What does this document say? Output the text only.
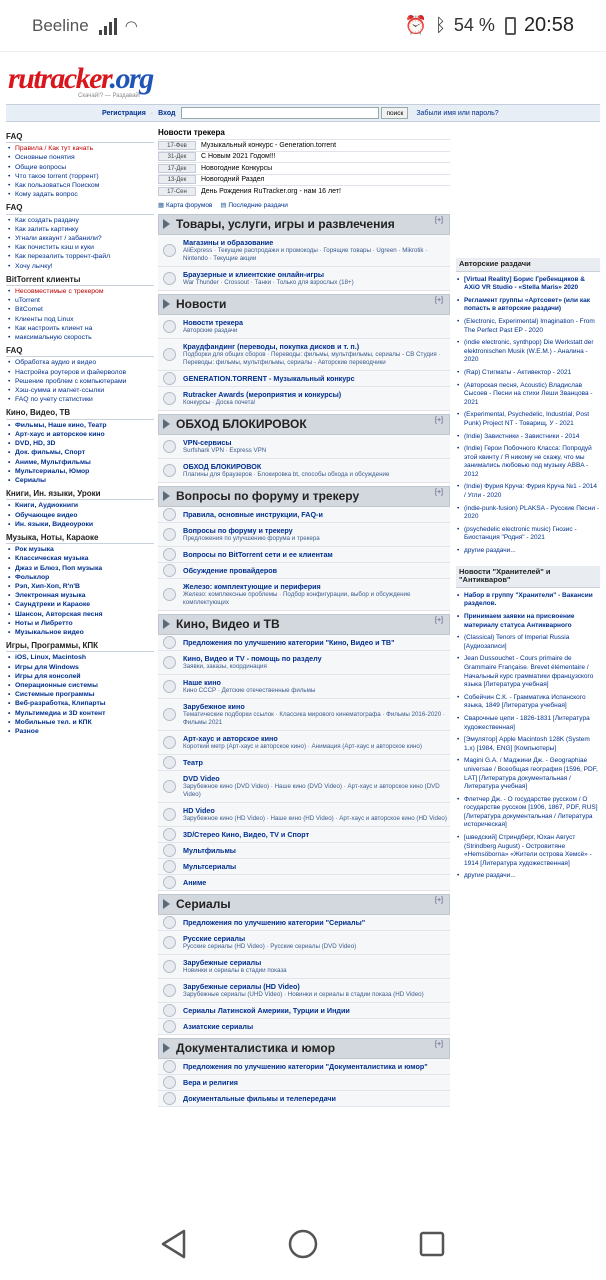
Beeline ◠	⏰ ᛒ 54 % 20:58
rutracker.org
Скачай!? — Раздавай!
Регистрация · Вход	поиск	Забыли имя или пароль?
FAQ
• Правила / Как тут качать
• Основные понятия
• Общие вопросы
• Что такое torrent (торрент)
• Как пользоваться Поиском
• Кому задать вопрос
FAQ
• Как создать раздачу
• Как залить картинку
• Угнали аккаунт / забанили?
• Как почистить кэш и куки
• Как перезалить торрент-файл
• Хочу лычку!
BitTorrent клиенты
• Несовместимые с трекером
• uTorrent
• BitComet
• Клиенты под Linux
• Как настроить клиент на
• максимальную скорость
FAQ
• Обработка аудио и видео
• Настройка роутеров и файерволов
• Решение проблем с компьютерами
• Хэш-сумма и магнет-ссылки
• FAQ по учету статистики
Кино, Видео, ТВ
• Фильмы, Наше кино, Театр
• Арт-хаус и авторское кино
• DVD, HD, 3D
• Док. фильмы, Спорт
• Аниме, Мультфильмы
• Мультсериалы, Юмор
• Сериалы
Книги, Ин. языки, Уроки
• Книги, Аудиокниги
• Обучающее видео
• Ин. языки, Видеоуроки
Музыка, Ноты, Караоке
• Рок музыка
• Классическая музыка
• Джаз и Блюз, Поп музыка
• Фольклор
• Рэп, Хип-Хоп, R'n'B
• Электронная музыка
• Саундтреки и Караоке
• Шансон, Авторская песня
• Ноты и Либретто
• Музыкальное видео
Игры, Программы, КПК
• iOS, Linux, Macintosh
• Игры для Windows
• Игры для консолей
• Операционные системы
• Системные программы
• Веб-разработка, Клипарты
• Мультимедиа и 3D контент
• Мобильные тел. и КПК
• Разное
Новости трекера
17-Фев	Музыкальный конкурс - Generation.torrent
31-Дек	С Новым 2021 Годом!!!
17-Дек	Новогодние Конкурсы
13-Дек	Новогодний Раздел
17-Сен	День Рождения RuTracker.org - нам 16 лет!
▦ Карта форумов ▤ Последние раздачи
Товары, услуги, игры и развлечения	[+]
Магазины и образование
AliExpress · Текущие распродажи и промокоды · Горящие товары · Ugreen · Mikrotik · Nintendo · Текущие акции
Браузерные и клиентские онлайн-игры
War Thunder · Crossout · Танки · Только для взрослых (18+)
Новости	[+]
Новости трекера
Авторские раздачи
Краудфандинг (переводы, покупка дисков и т. п.)
Подборки для общих сборов · Переводы: фильмы, мультфильмы, сериалы - СВ Студия · Переводы: фильмы, мультфильмы, сериалы - Авторские переводчики
GENERATION.TORRENT - Музыкальный конкурс
Rutracker Awards (мероприятия и конкурсы)
Конкурсы · Доска почета!
ОБХОД БЛОКИРОВОК	[+]
VPN-сервисы
Surfshark VPN · Express VPN
ОБХОД БЛОКИРОВОК
Плагины для браузеров · Блокировка bt, способы обхода и обсуждение
Вопросы по форуму и трекеру	[+]
Правила, основные инструкции, FAQ-и
Вопросы по форуму и трекеру
Предложения по улучшению форума и трекера
Вопросы по BitTorrent сети и ее клиентам
Обсуждение провайдеров
Железо: комплектующие и периферия
Железо: комплексные проблемы · Подбор конфигурации, выбор и обсуждение комплектующих
Кино, Видео и ТВ	[+]
Предложения по улучшению категории "Кино, Видео и ТВ"
Кино, Видео и ТV - помощь по разделу
Заявки, заказы, координация
Наше кино
Кино СССР · Детские отечественные фильмы
Зарубежное кино
Тематические подборки ссылок · Классика мирового кинематографа · Фильмы 2016-2020 · Фильмы 2021
Арт-хаус и авторское кино
Короткий метр (Арт-хаус и авторское кино) · Анимация (Арт-хаус и авторское кино)
Театр
DVD Video
Зарубежное кино (DVD Video) · Наше кино (DVD Video) · Арт-хаус и авторское кино (DVD Video)
HD Video
Зарубежное кино (HD Video) · Наше кино (HD Video) · Арт-хаус и авторское кино (HD Video)
3D/Стерео Кино, Видео, TV и Спорт
Мультфильмы
Мультсериалы
Аниме
Сериалы	[+]
Предложения по улучшению категории "Сериалы"
Русские сериалы
Русские сериалы (HD Video) · Русские сериалы (DVD Video)
Зарубежные сериалы
Новинки и сериалы в стадии показа
Зарубежные сериалы (HD Video)
Зарубежные сериалы (UHD Video) · Новинки и сериалы в стадии показа (HD Video)
Сериалы Латинской Америки, Турции и Индии
Азиатские сериалы
Документалистика и юмор	[+]
Предложения по улучшению категории "Документалистика и юмор"
Вера и религия
Документальные фильмы и телепередачи
Авторские раздачи
• [Virtual Reality] Борис Гребенщиков & AXiO VR Studio - «Stella Maris» 2020
• Регламент группы «Артсовет» (или как попасть в авторские раздачи)
• (Electronic, Experimental) Imagination - From The Perfect Past EP - 2020
• (indie electronic, synthpop) Die Werkstatt der elektronischen Musik (W.E.M.) - Аналина - 2020
• (Rap) Стигматы - Активектор - 2021
• (Авторская песня, Acoustic) Владислав Сысоев - Песни на стихи Леши Званцова - 2021
• (Experimental, Psychedelic, Industrial, Post Punk) Project NT - Товарищ, У - 2021
• (Indie) Завистники - Завистники - 2014
• (Indie) Герои Побочного Класса: Попродуй этой квинту / Я никому не скажу, что мы занимались любовью под музыку ABBA - 2012
• (Indie) Фурия Круча: Фурия Круча №1 - 2014 / Угли - 2020
• (indie-punk-fusion) PLAKSA - Русские Песни - 2020
• (psychedelic electronic music) Гнозис - Биостанция "Родня" - 2021
• другие раздачи...
Новости "Хранителей" и "Антикваров"
• Набор в группу "Хранители" - Вакансии разделов.
• Принимаем заявки на присвоение материалу статуса Антикварного
• (Classical) Tenors of Imperial Russia [Аудиозаписи]
• Jean Dussouchet - Cours primaire de Grammaire Française. Brevet élémentaire / Начальный курс грамматики французского языка [Литература учебная]
• Собейчин С.К. - Грамматика Испанского языка, 1849 [Литература учебная]
• Сварочные цепи - 1826-1831 [Литература художественная]
• [Эмулятор] Apple Macintosh 128K (System 1.x) [1984, ENG] [Компьютеры]
• Magini G.A. / Маджини Дж. - Geographiae universae / Всеобщая география [1596, PDF, LAT] [Литература документальная / Литература учебная]
• Флетчер Дж. - О государстве русском / О государстве русском [1906, 1867, PDF, RUS] [Литература документальная / Литература историческая]
• [шведский] Стриндберг, Юхан Август (Strindberg August) - Островитяне «Hemsöborna» «Жители острова Хемсё» - 1914 [Литература художественная]
• другие раздачи...
